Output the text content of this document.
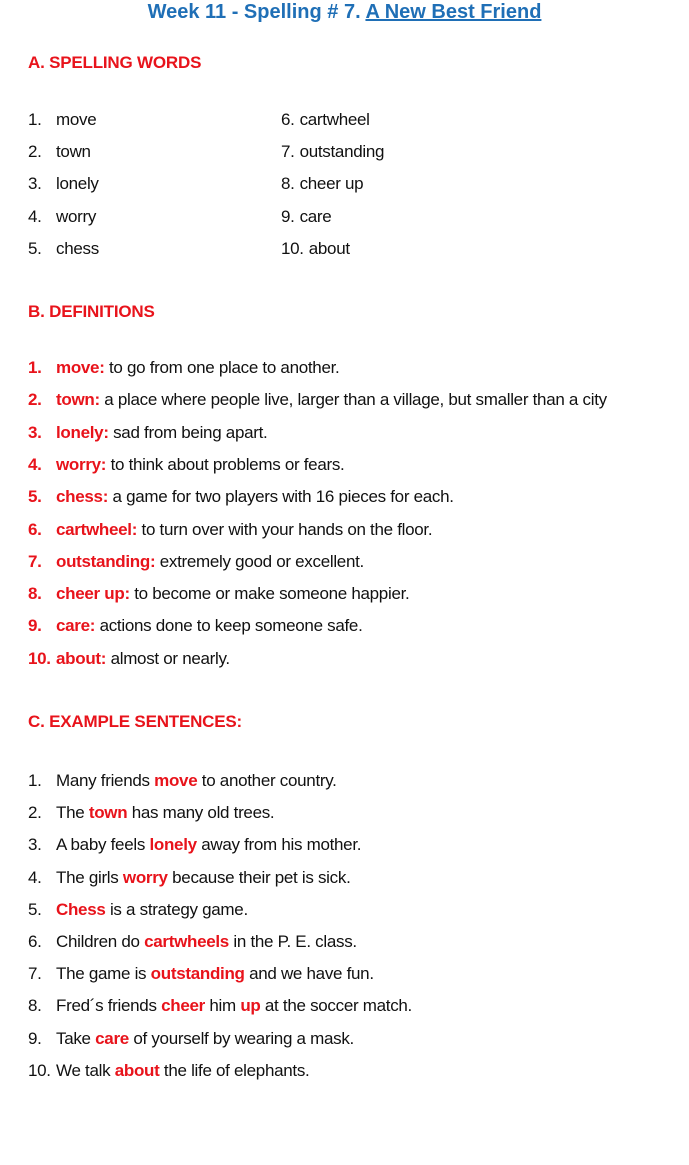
Week 11 - Spelling # 7. A New Best Friend
A. SPELLING WORDS
B. DEFINITIONS
C. EXAMPLE SENTENCES:
1. move
2. town
3. lonely
4. worry
5. chess
6. cartwheel
7. outstanding
8. cheer up
9. care
10. about
1. move: to go from one place to another.
2. town: a place where people live, larger than a village, but smaller than a city
3. lonely: sad from being apart.
4. worry: to think about problems or fears.
5. chess: a game for two players with 16 pieces for each.
6. cartwheel: to turn over with your hands on the floor.
7. outstanding: extremely good or excellent.
8. cheer up: to become or make someone happier.
9. care: actions done to keep someone safe.
10. about: almost or nearly.
1. Many friends move to another country.
2. The town has many old trees.
3. A baby feels lonely away from his mother.
4. The girls worry because their pet is sick.
5. Chess is a strategy game.
6. Children do cartwheels in the P. E. class.
7. The game is outstanding and we have fun.
8. Fred´s friends cheer him up at the soccer match.
9. Take care of yourself by wearing a mask.
10. We talk about the life of elephants.
